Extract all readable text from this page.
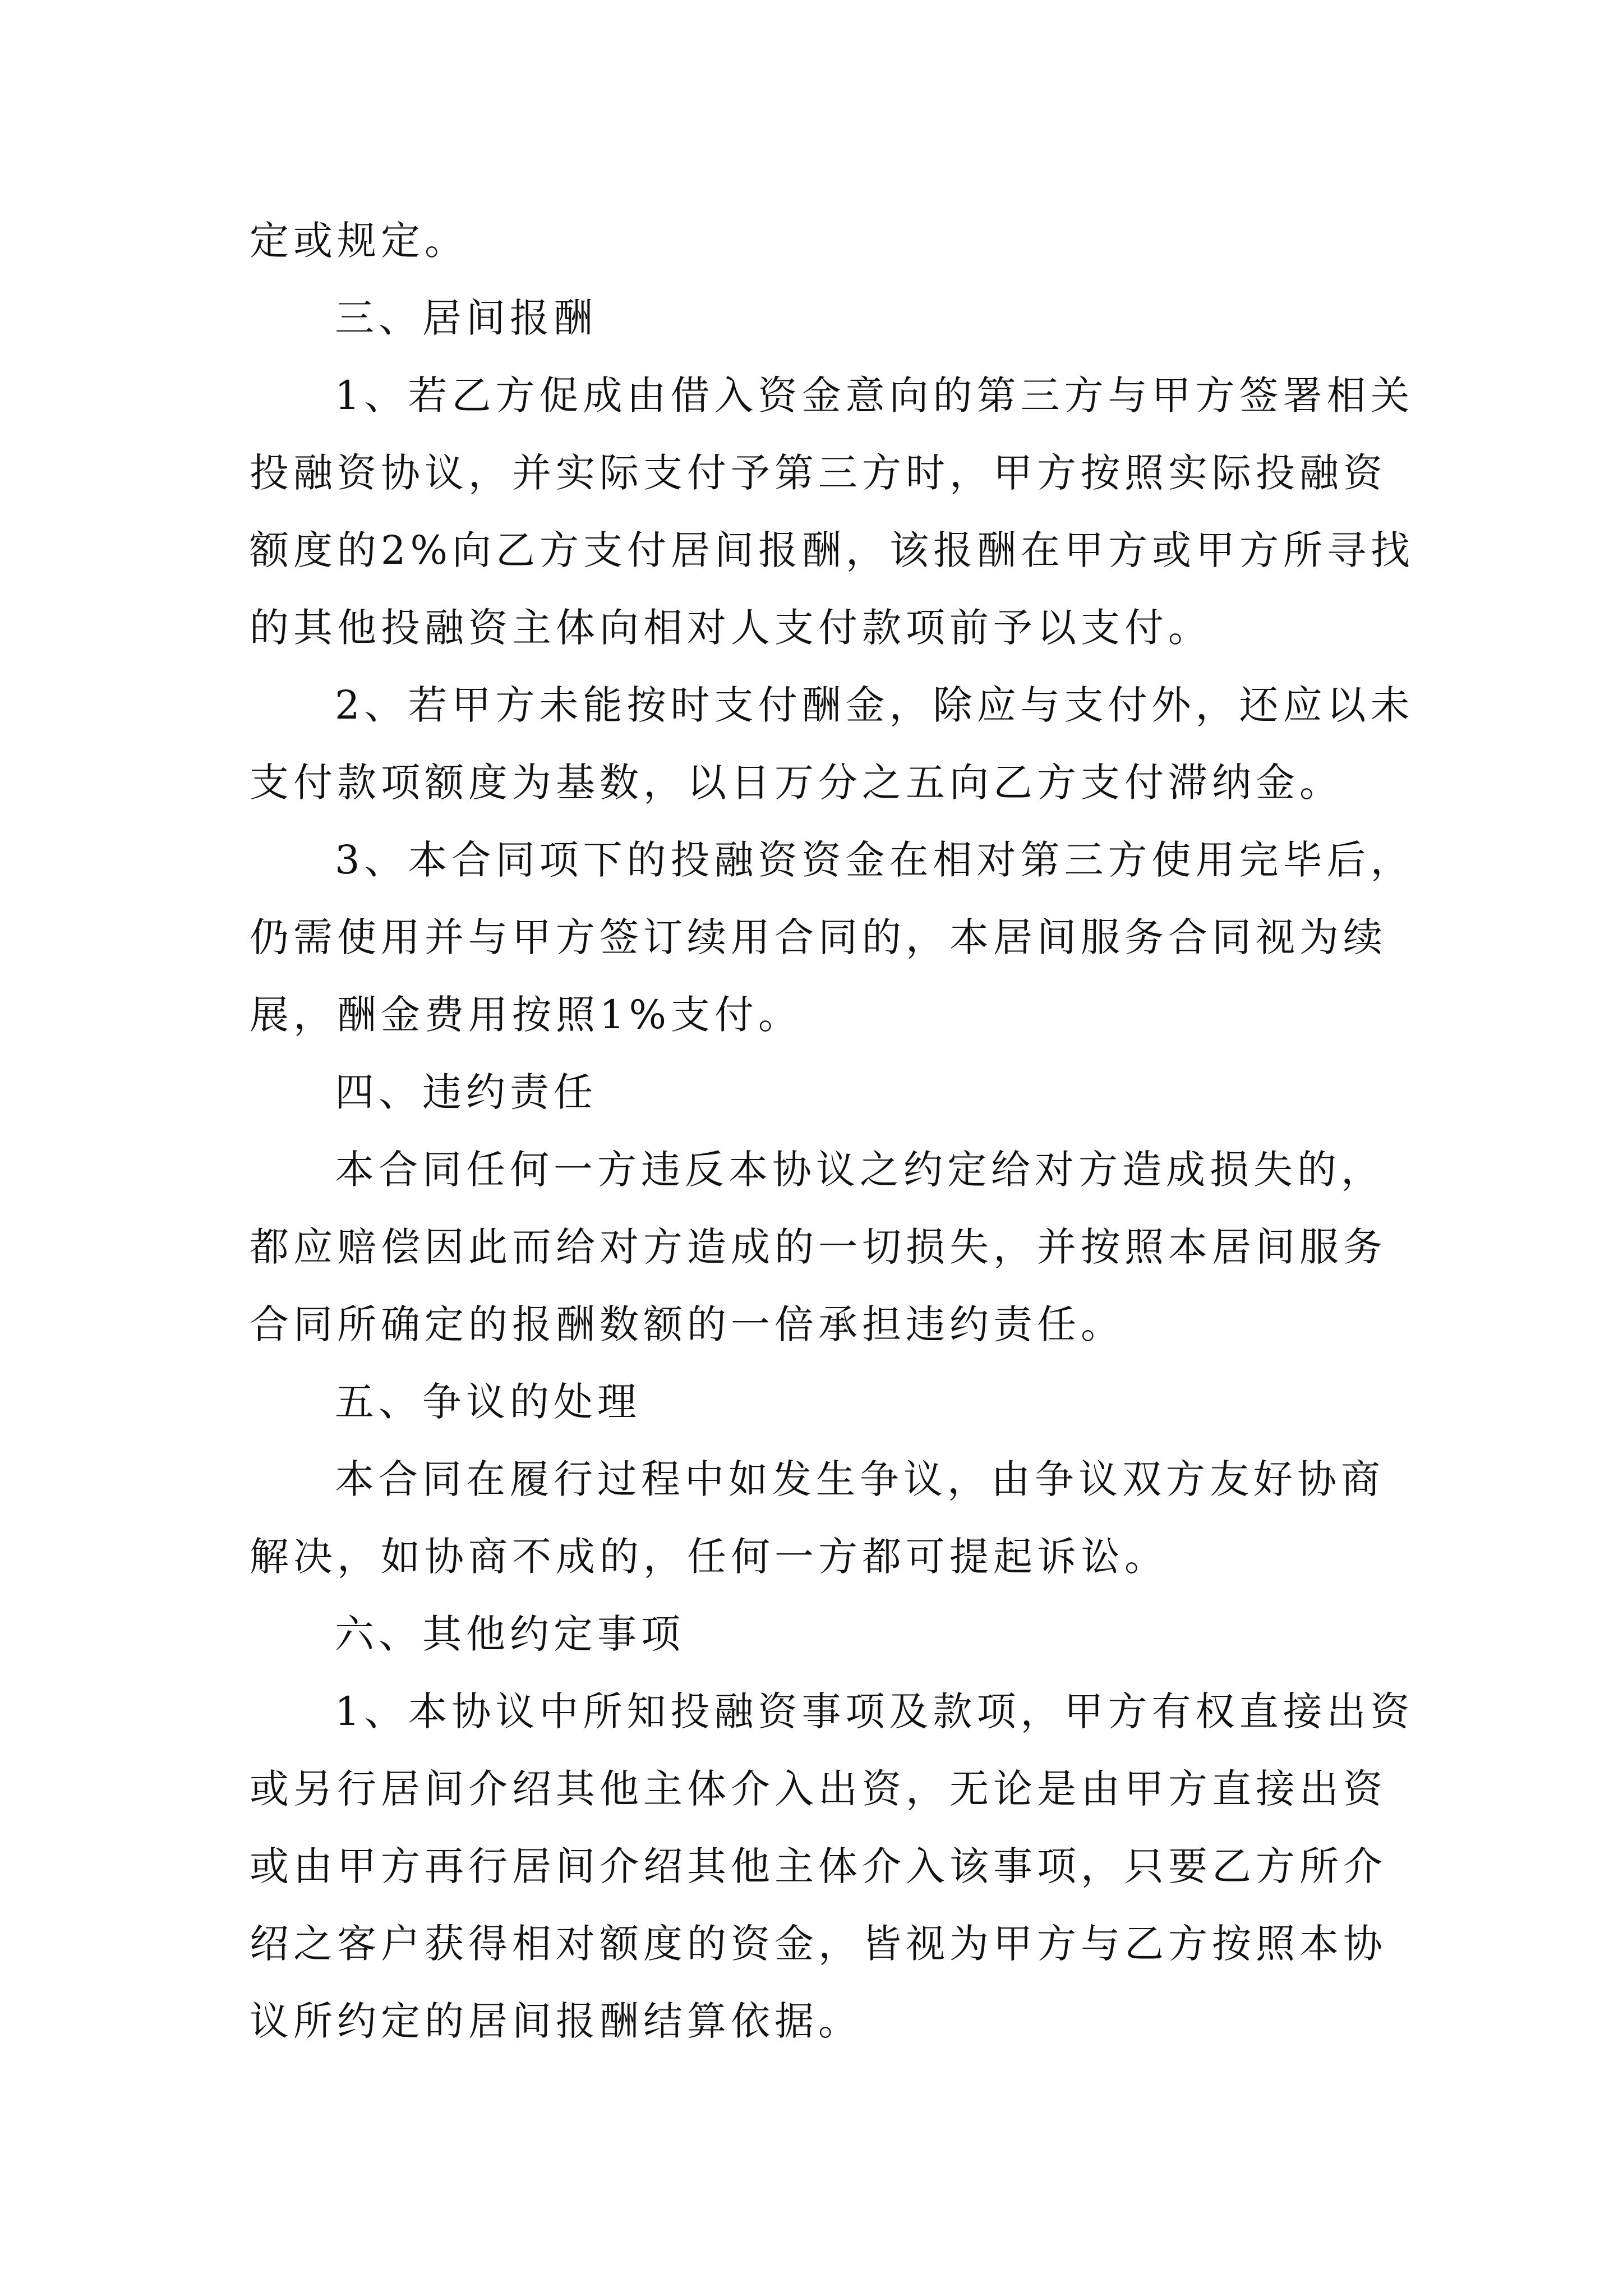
定或规定。

三、居间报酬

1、若乙方促成由借入资金意向的第三方与甲方签署相关投融资协议，并实际支付予第三方时，甲方按照实际投融资额度的2%向乙方支付居间报酬，该报酬在甲方或甲方所寻找的其他投融资主体向相对人支付款项前予以支付。

2、若甲方未能按时支付酬金，除应与支付外，还应以未支付款项额度为基数，以日万分之五向乙方支付滞纳金。

3、本合同项下的投融资资金在相对第三方使用完毕后，仍需使用并与甲方签订续用合同的，本居间服务合同视为续展，酬金费用按照1%支付。

四、违约责任

本合同任何一方违反本协议之约定给对方造成损失的，都应赔偿因此而给对方造成的一切损失，并按照本居间服务合同所确定的报酬数额的一倍承担违约责任。

五、争议的处理

本合同在履行过程中如发生争议，由争议双方友好协商解决，如协商不成的，任何一方都可提起诉讼。

六、其他约定事项

1、本协议中所知投融资事项及款项，甲方有权直接出资或另行居间介绍其他主体介入出资，无论是由甲方直接出资或由甲方再行居间介绍其他主体介入该事项，只要乙方所介绍之客户获得相对额度的资金，皆视为甲方与乙方按照本协议所约定的居间报酬结算依据。
